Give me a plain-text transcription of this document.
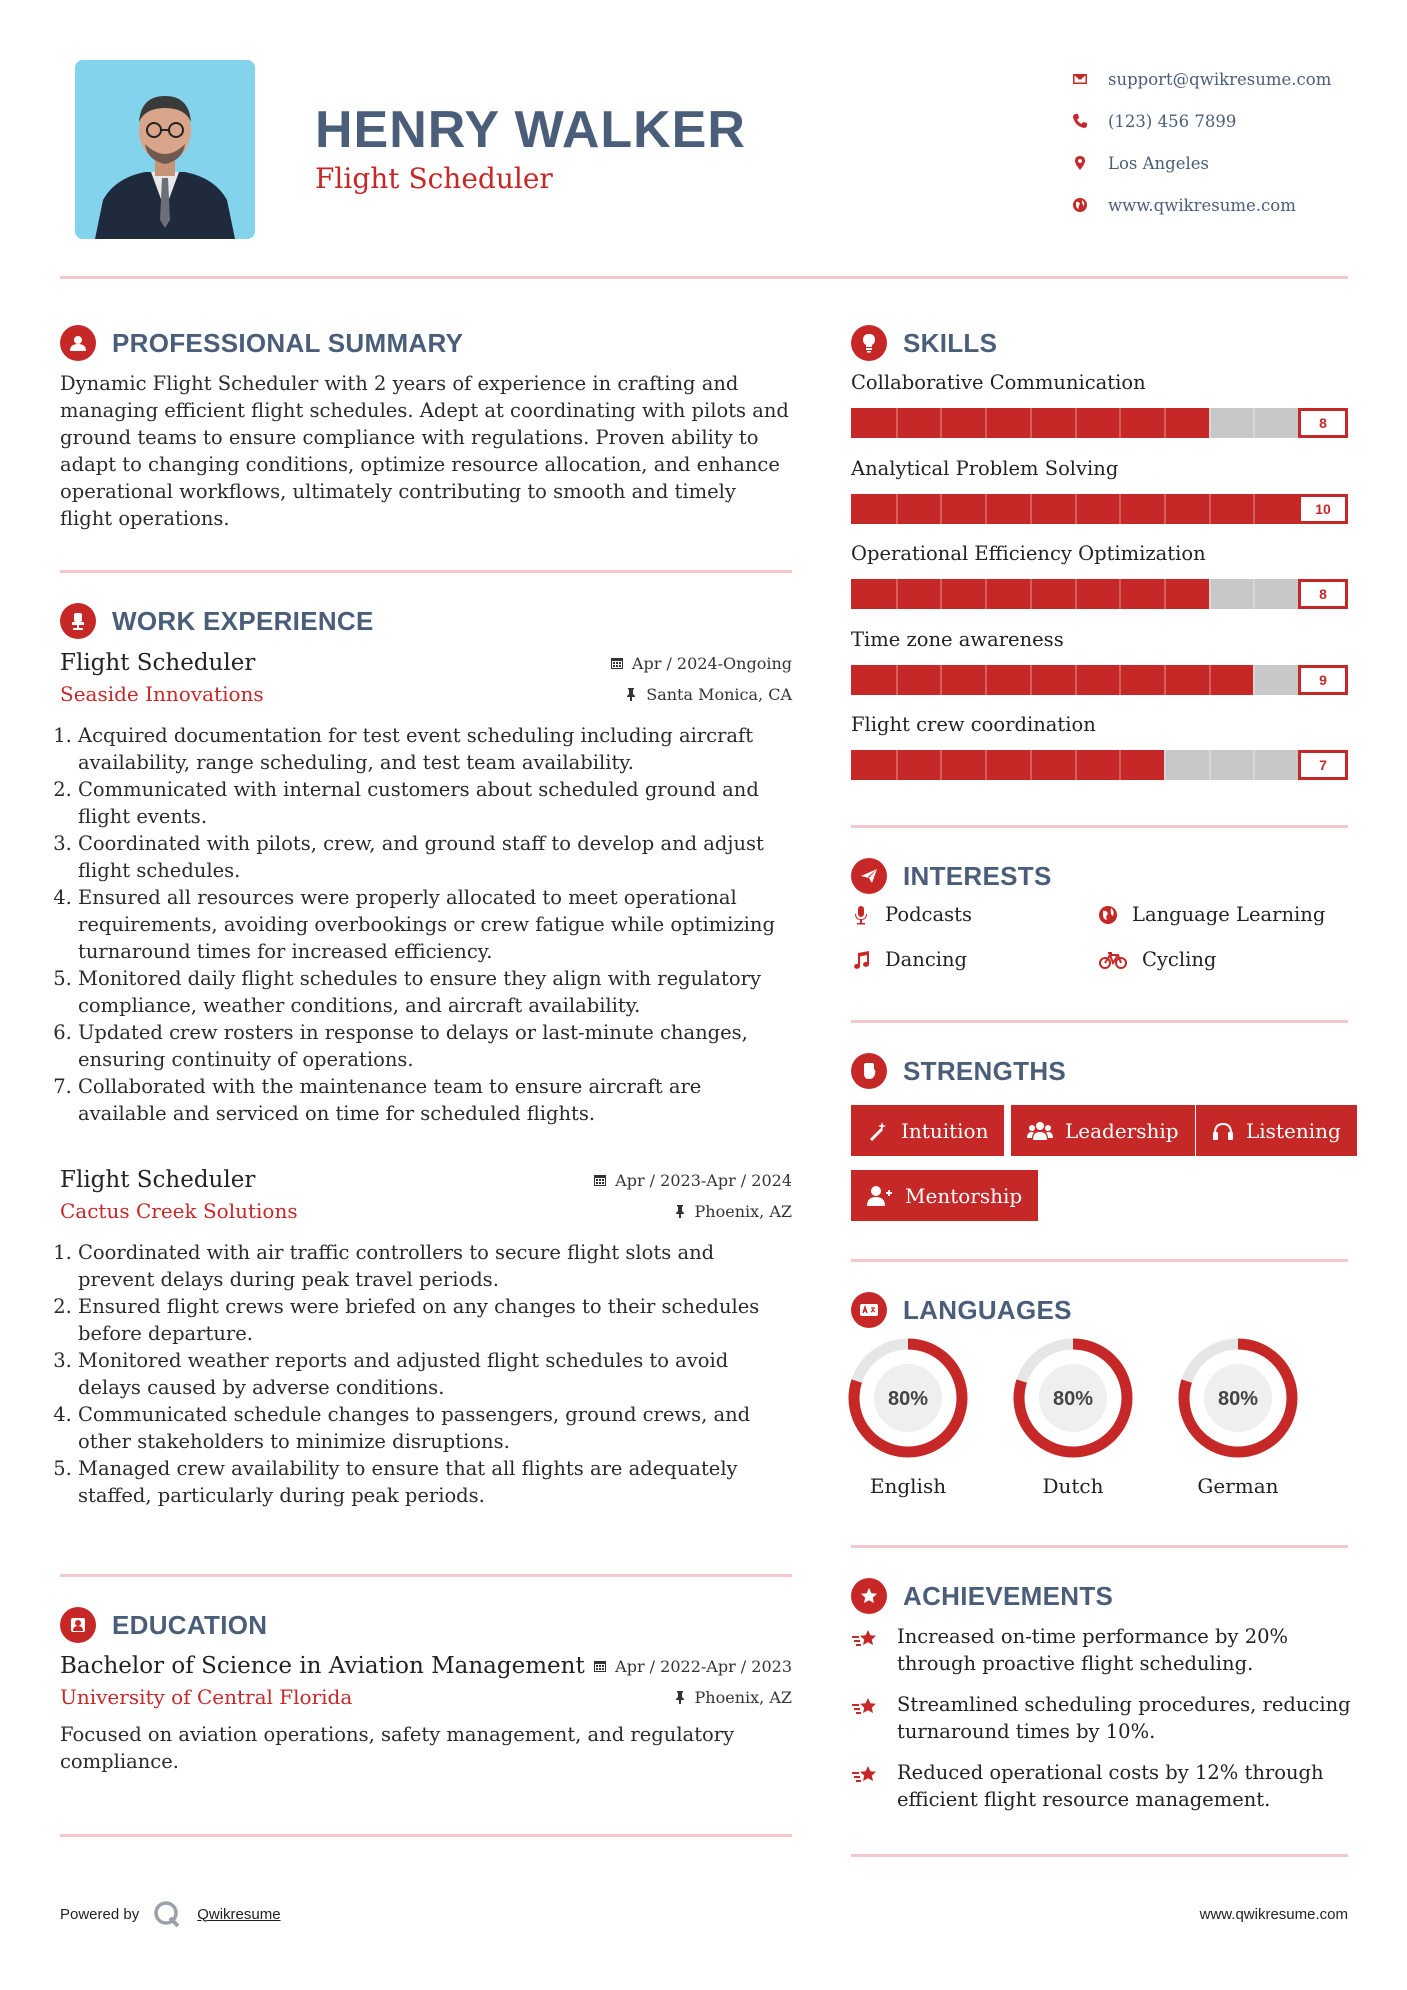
HENRY WALKER
Flight Scheduler
support@qwikresume.com
(123) 456 7899
Los Angeles
www.qwikresume.com
PROFESSIONAL SUMMARY
Dynamic Flight Scheduler with 2 years of experience in crafting and managing efficient flight schedules. Adept at coordinating with pilots and ground teams to ensure compliance with regulations. Proven ability to adapt to changing conditions, optimize resource allocation, and enhance operational workflows, ultimately contributing to smooth and timely flight operations.
WORK EXPERIENCE
Flight Scheduler	Apr / 2024-Ongoing
Seaside Innovations	Santa Monica, CA
1. Acquired documentation for test event scheduling including aircraft availability, range scheduling, and test team availability.
2. Communicated with internal customers about scheduled ground and flight events.
3. Coordinated with pilots, crew, and ground staff to develop and adjust flight schedules.
4. Ensured all resources were properly allocated to meet operational requirements, avoiding overbookings or crew fatigue while optimizing turnaround times for increased efficiency.
5. Monitored daily flight schedules to ensure they align with regulatory compliance, weather conditions, and aircraft availability.
6. Updated crew rosters in response to delays or last-minute changes, ensuring continuity of operations.
7. Collaborated with the maintenance team to ensure aircraft are available and serviced on time for scheduled flights.
Flight Scheduler	Apr / 2023-Apr / 2024
Cactus Creek Solutions	Phoenix, AZ
1. Coordinated with air traffic controllers to secure flight slots and prevent delays during peak travel periods.
2. Ensured flight crews were briefed on any changes to their schedules before departure.
3. Monitored weather reports and adjusted flight schedules to avoid delays caused by adverse conditions.
4. Communicated schedule changes to passengers, ground crews, and other stakeholders to minimize disruptions.
5. Managed crew availability to ensure that all flights are adequately staffed, particularly during peak periods.
EDUCATION
Bachelor of Science in Aviation Management Apr / 2022-Apr / 2023
University of Central Florida	Phoenix, AZ
Focused on aviation operations, safety management, and regulatory compliance.
SKILLS
Collaborative Communication
8
Analytical Problem Solving
10
Operational Efficiency Optimization
8
Time zone awareness
9
Flight crew coordination
7
INTERESTS
Podcasts	Language Learning
Dancing	Cycling
STRENGTHS
Intuition	Leadership	Listening
Mentorship
LANGUAGES
80%
English
80%
Dutch
80%
German
ACHIEVEMENTS
Increased on-time performance by 20% through proactive flight scheduling.
Streamlined scheduling procedures, reducing turnaround times by 10%.
Reduced operational costs by 12% through efficient flight resource management.
Powered by	Qwikresume	www.qwikresume.com
